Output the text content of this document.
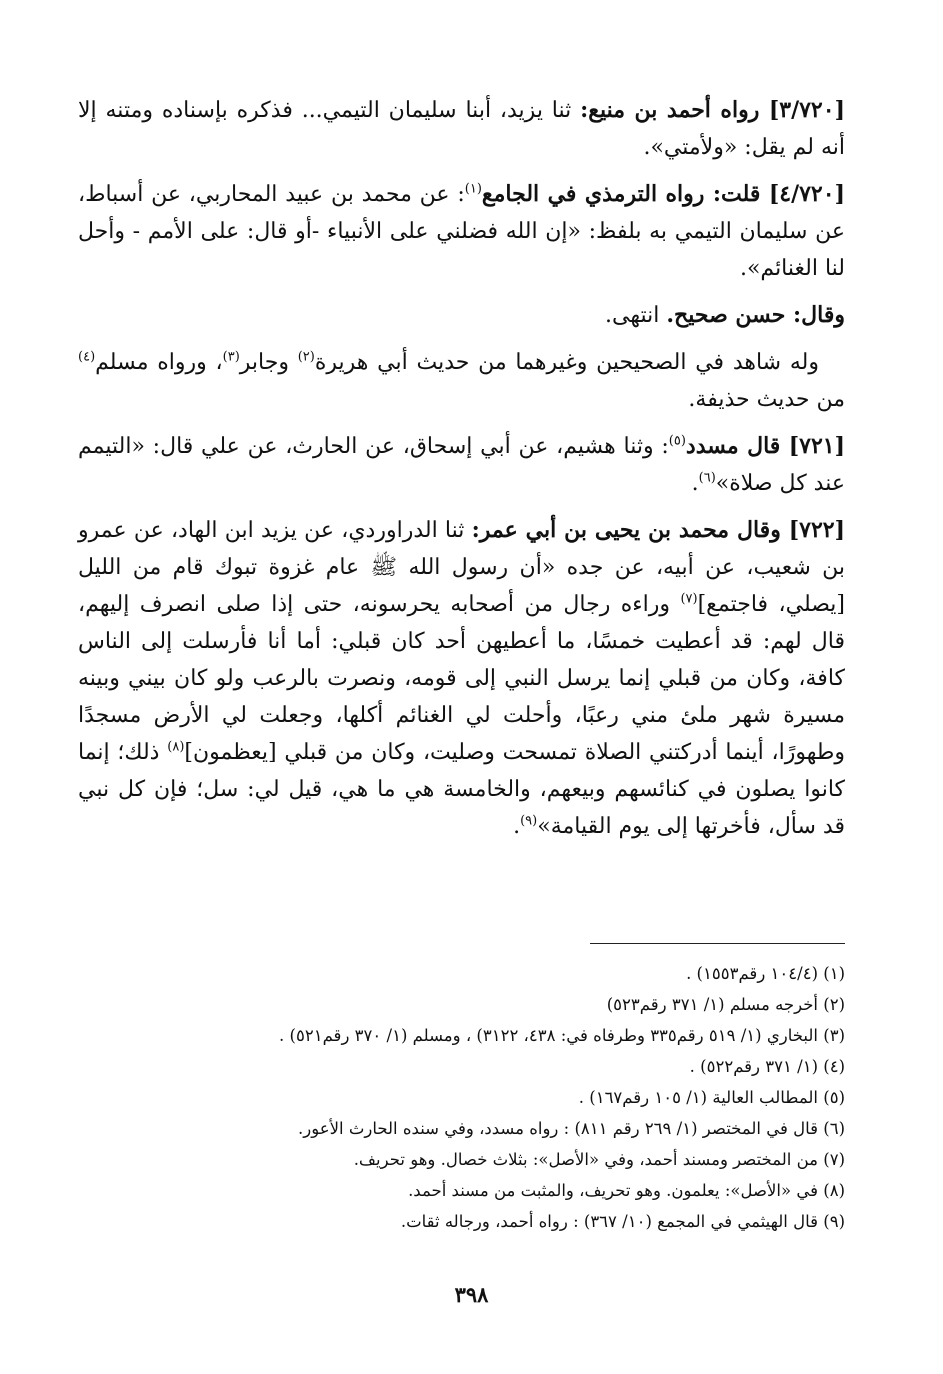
[٣/٧٢٠] رواه أحمد بن منيع: ثنا يزيد، أبنا سليمان التيمي... فذكره بإسناده ومتنه إلا أنه لم يقل: «ولأمتي».

[٤/٧٢٠] قلت: رواه الترمذي في الجامع$^{(١)}$: عن محمد بن عبيد المحاربي، عن أسباط، عن سليمان التيمي به بلفظ: «إن الله فضلني على الأنبياء -أو قال: على الأمم - وأحل لنا الغنائم».

وقال: حسن صحيح. انتهى.

وله شاهد في الصحيحين وغيرهما من حديث أبي هريرة$^{(٢)}$ وجابر$^{(٣)}$، ورواه مسلم$^{(٤)}$ من حديث حذيفة.

[٧٢١] قال مسدد$^{(٥)}$: وثنا هشيم، عن أبي إسحاق، عن الحارث، عن علي قال: «التيمم عند كل صلاة»$^{(٦)}$.

[٧٢٢] وقال محمد بن يحيى بن أبي عمر: ثنا الدراوردي، عن يزيد ابن الهاد، عن عمرو بن شعيب، عن أبيه، عن جده «أن رسول الله ﷺ عام غزوة تبوك قام من الليل [يصلي، فاجتمع]$^{(٧)}$ وراءه رجال من أصحابه يحرسونه، حتى إذا صلى انصرف إليهم، قال لهم: قد أعطيت خمسًا، ما أعطيهن أحد كان قبلي: أما أنا فأرسلت إلى الناس كافة، وكان من قبلي إنما يرسل النبي إلى قومه، ونصرت بالرعب ولو كان بيني وبينه مسيرة شهر ملئ مني رعبًا، وأحلت لي الغنائم أكلها، وجعلت لي الأرض مسجدًا وطهورًا، أينما أدركتني الصلاة تمسحت وصليت، وكان من قبلي [يعظمون]$^{(٨)}$ ذلك؛ إنما كانوا يصلون في كنائسهم وبيعهم، والخامسة هي ما هي، قيل لي: سل؛ فإن كل نبي قد سأل، فأخرتها إلى يوم القيامة»$^{(٩)}$.

(١) (١٠٤/٤ رقم١٥٥٣) .
(٢) أخرجه مسلم (١/ ٣٧١ رقم٥٢٣)
(٣) البخاري (١/ ٥١٩ رقم٣٣٥ وطرفاه في: ٤٣٨، ٣١٢٢) ، ومسلم (١/ ٣٧٠ رقم٥٢١) .
(٤) (١/ ٣٧١ رقم٥٢٢) .
(٥) المطالب العالية (١/ ١٠٥ رقم١٦٧) .
(٦) قال في المختصر (١/ ٢٦٩ رقم ٨١١) : رواه مسدد، وفي سنده الحارث الأعور.
(٧) من المختصر ومسند أحمد، وفي «الأصل»: بثلاث خصال. وهو تحريف.
(٨) في «الأصل»: يعلمون. وهو تحريف، والمثبت من مسند أحمد.
(٩) قال الهيثمي في المجمع (١٠/ ٣٦٧) : رواه أحمد، ورجاله ثقات.
٣٩٨
